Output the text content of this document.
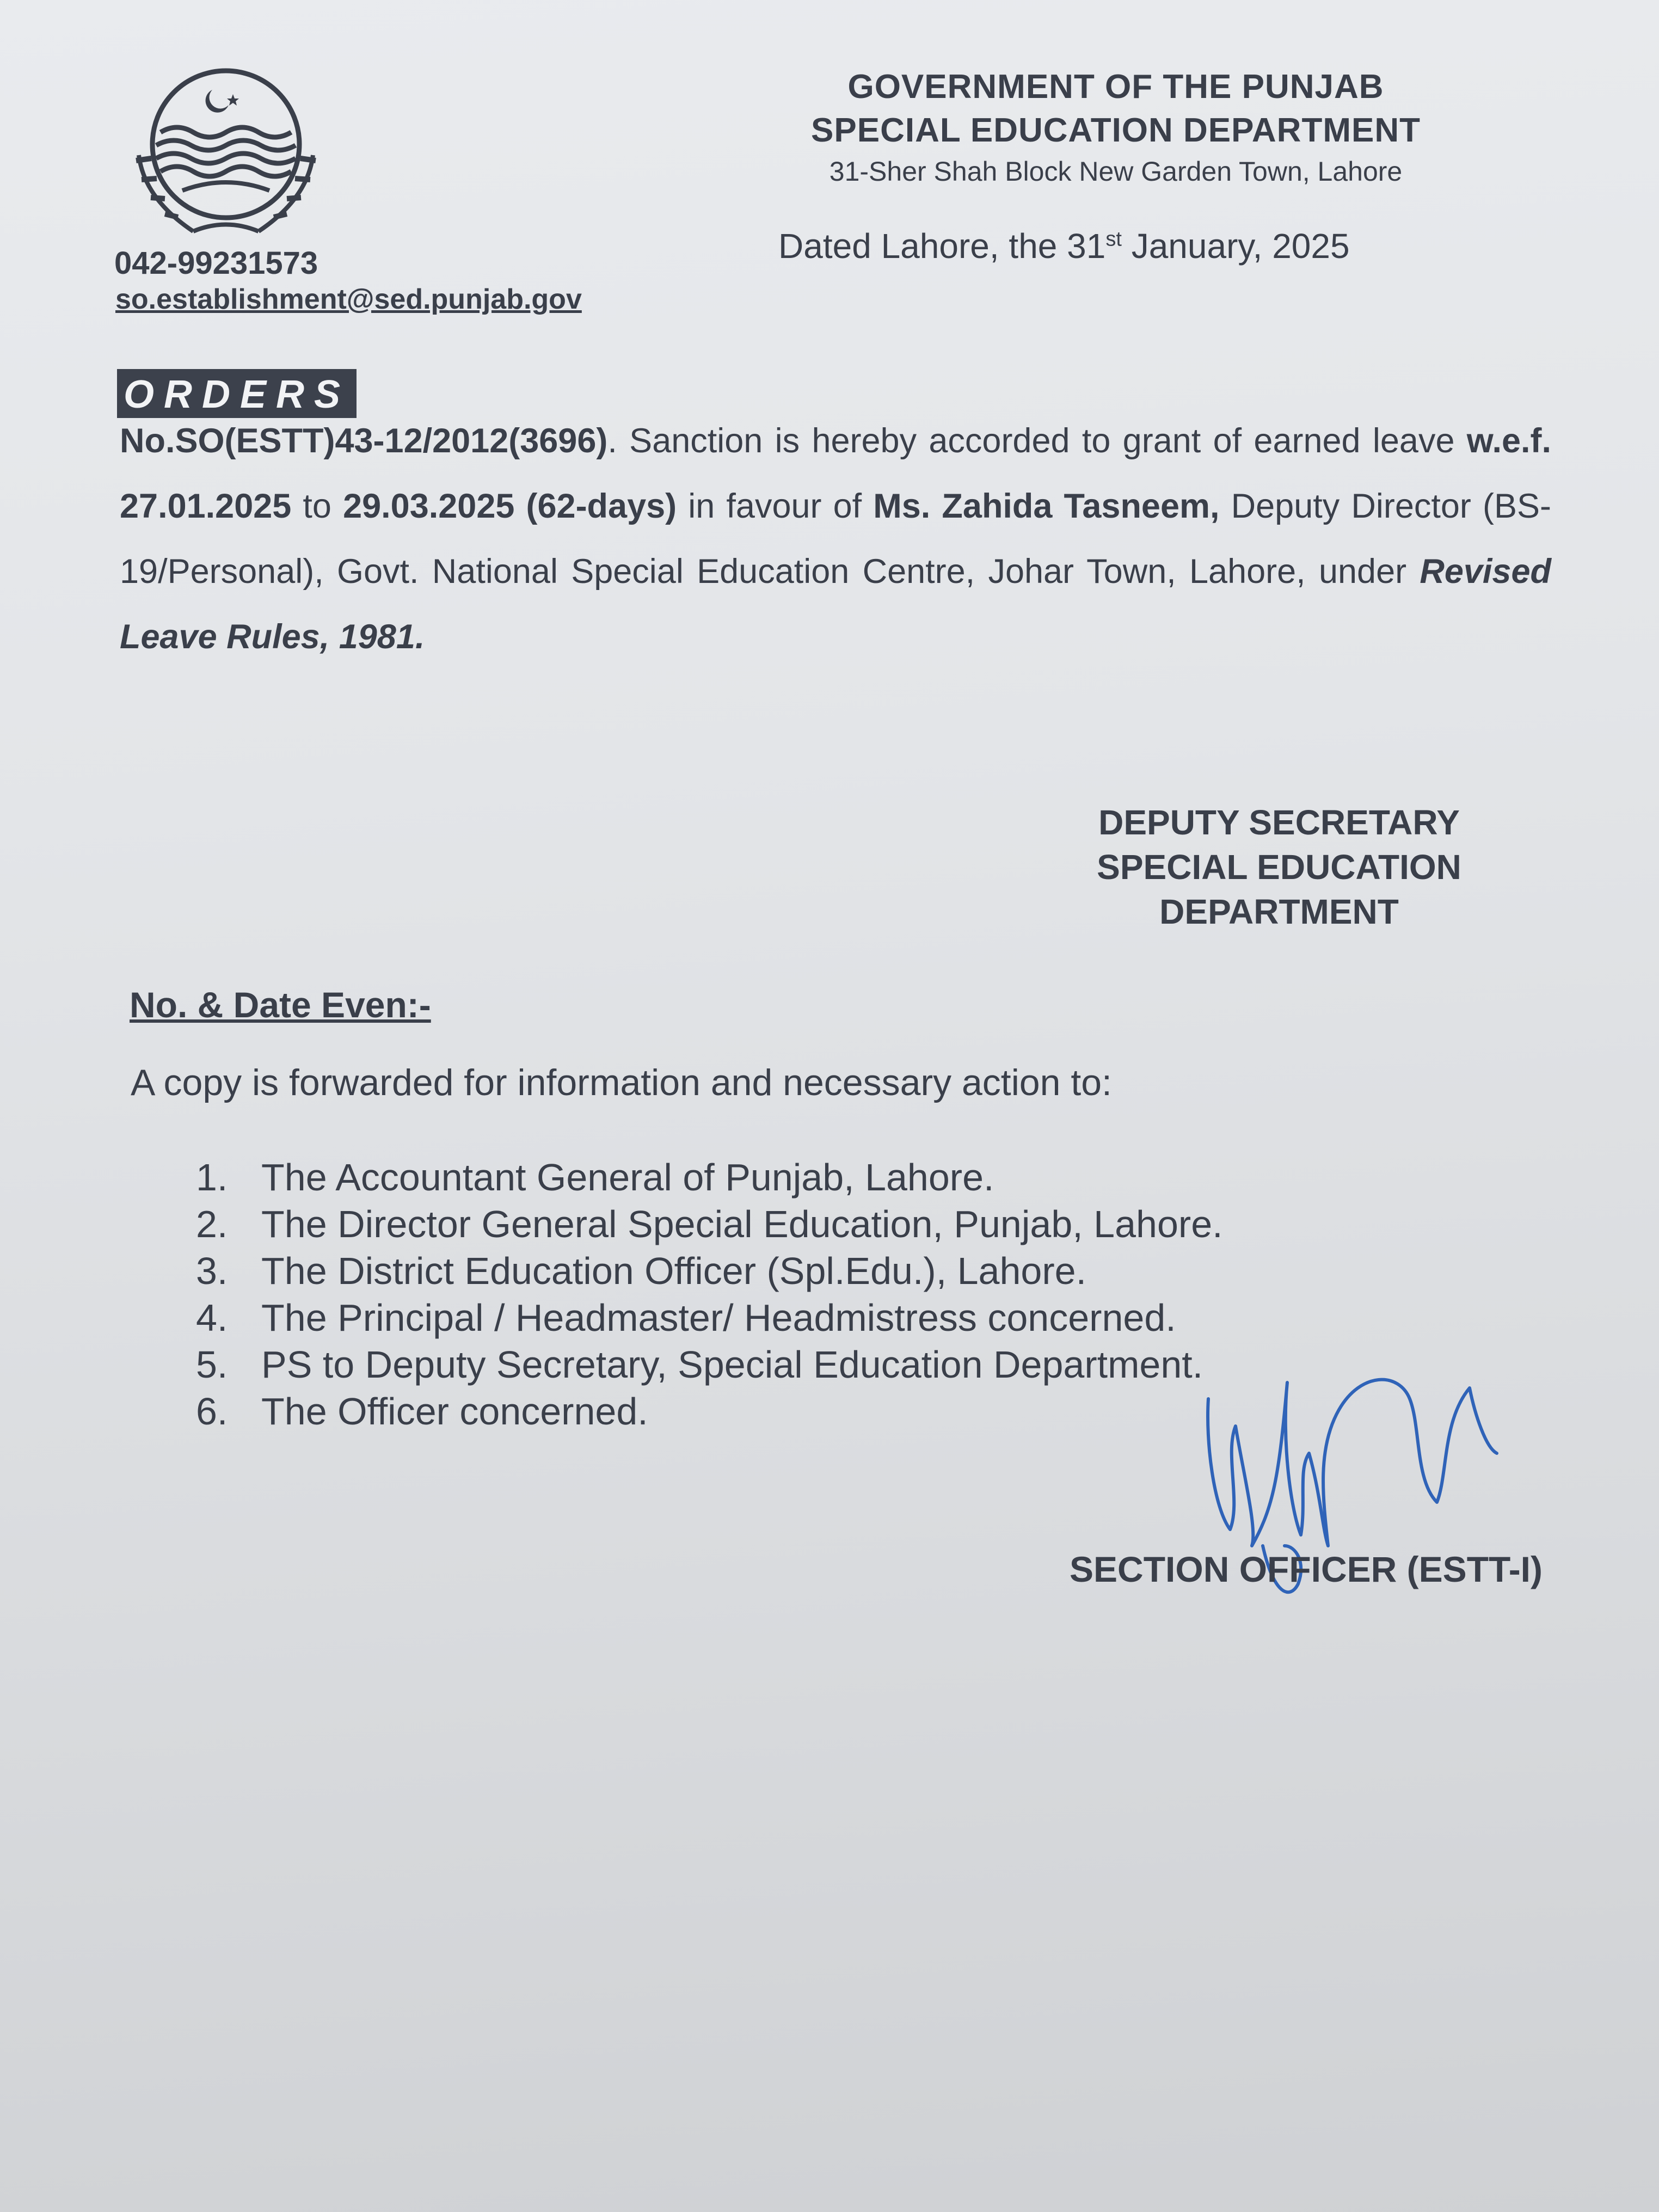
GOVERNMENT OF THE PUNJAB
SPECIAL EDUCATION DEPARTMENT
31-Sher Shah Block New Garden Town, Lahore
Dated Lahore, the 31st January, 2025
042-99231573
so.establishment@sed.punjab.gov
ORDERS
No.SO(ESTT)43-12/2012(3696). Sanction is hereby accorded to grant of earned leave w.e.f. 27.01.2025 to 29.03.2025 (62-days) in favour of Ms. Zahida Tasneem, Deputy Director (BS-19/Personal), Govt. National Special Education Centre, Johar Town, Lahore, under Revised Leave Rules, 1981.
DEPUTY SECRETARY
SPECIAL EDUCATION
DEPARTMENT
No. & Date Even:-
A copy is forwarded for information and necessary action to:
1. The Accountant General of Punjab, Lahore.
2. The Director General Special Education, Punjab, Lahore.
3. The District Education Officer (Spl.Edu.), Lahore.
4. The Principal / Headmaster/ Headmistress concerned.
5. PS to Deputy Secretary, Special Education Department.
6. The Officer concerned.
SECTION OFFICER (ESTT-I)
